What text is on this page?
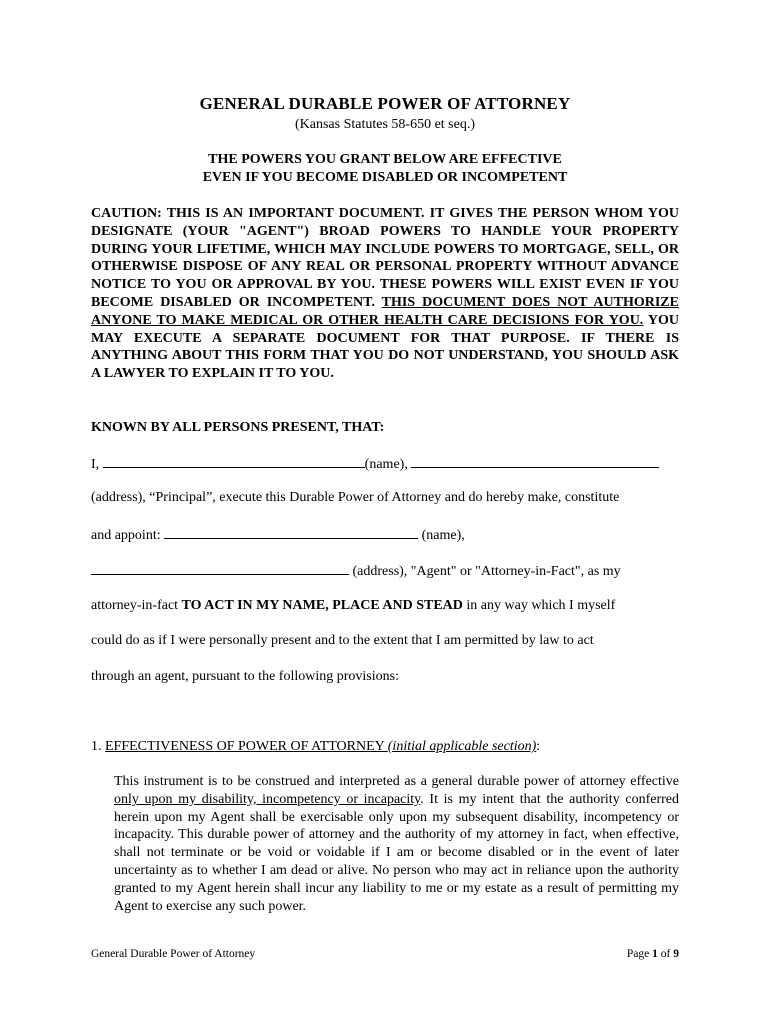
GENERAL DURABLE POWER OF ATTORNEY
(Kansas Statutes 58-650 et seq.)
THE POWERS YOU GRANT BELOW ARE EFFECTIVE
EVEN IF YOU BECOME DISABLED OR INCOMPETENT
CAUTION: THIS IS AN IMPORTANT DOCUMENT. IT GIVES THE PERSON WHOM YOU DESIGNATE (YOUR "AGENT") BROAD POWERS TO HANDLE YOUR PROPERTY DURING YOUR LIFETIME, WHICH MAY INCLUDE POWERS TO MORTGAGE, SELL, OR OTHERWISE DISPOSE OF ANY REAL OR PERSONAL PROPERTY WITHOUT ADVANCE NOTICE TO YOU OR APPROVAL BY YOU. THESE POWERS WILL EXIST EVEN IF YOU BECOME DISABLED OR INCOMPETENT. THIS DOCUMENT DOES NOT AUTHORIZE ANYONE TO MAKE MEDICAL OR OTHER HEALTH CARE DECISIONS FOR YOU. YOU MAY EXECUTE A SEPARATE DOCUMENT FOR THAT PURPOSE. IF THERE IS ANYTHING ABOUT THIS FORM THAT YOU DO NOT UNDERSTAND, YOU SHOULD ASK A LAWYER TO EXPLAIN IT TO YOU.
KNOWN BY ALL PERSONS PRESENT, THAT:
I,	(name),
(address), “Principal”, execute this Durable Power of Attorney and do hereby make, constitute
and appoint:	(name),
(address), "Agent" or "Attorney-in-Fact", as my
attorney-in-fact TO ACT IN MY NAME, PLACE AND STEAD in any way which I myself
could do as if I were personally present and to the extent that I am permitted by law to act
through an agent, pursuant to the following provisions:
1. EFFECTIVENESS OF POWER OF ATTORNEY (initial applicable section):
This instrument is to be construed and interpreted as a general durable power of attorney effective only upon my disability, incompetency or incapacity. It is my intent that the authority conferred herein upon my Agent shall be exercisable only upon my subsequent disability, incompetency or incapacity. This durable power of attorney and the authority of my attorney in fact, when effective, shall not terminate or be void or voidable if I am or become disabled or in the event of later uncertainty as to whether I am dead or alive. No person who may act in reliance upon the authority granted to my Agent herein shall incur any liability to me or my estate as a result of permitting my Agent to exercise any such power.
General Durable Power of Attorney	Page 1 of 9
